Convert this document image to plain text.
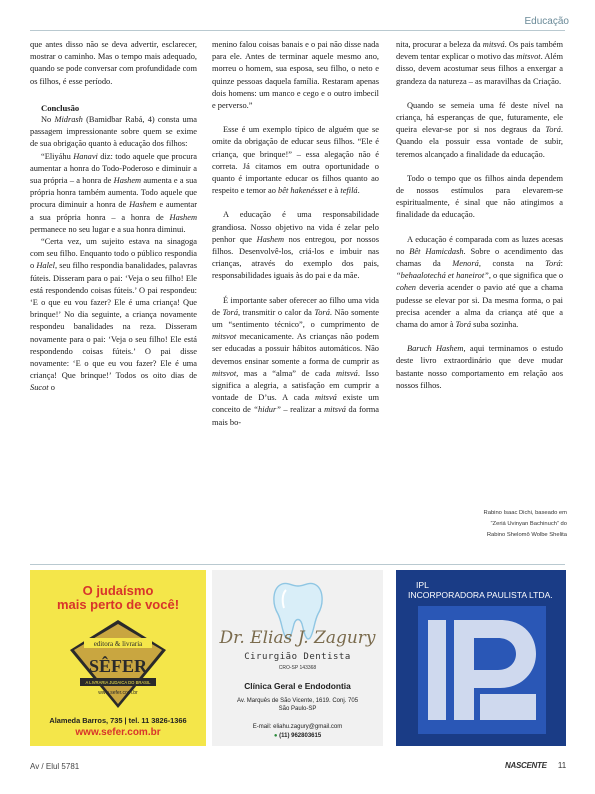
Educação

que antes disso não se deva advertir, esclarecer, mostrar o caminho. Mas o tempo mais adequado, quando se pode conversar com profundidade com os filhos, é esse período.

Conclusão

No Midrash (Bamidbar Rabá, 4) consta uma passagem impressionante sobre quem se exime de sua obrigação quanto à educação dos filhos:

“Eliyáhu Hanavi diz: todo aquele que procura aumentar a honra do Todo-Poderoso e diminuir a sua própria – a honra de Hashem aumenta e a sua própria honra também aumenta. Todo aquele que procura diminuir a honra de Hashem e aumentar a sua própria honra – a honra de Hashem permanece no seu lugar e a sua honra diminui.

“Certa vez, um sujeito estava na sinagoga com seu filho. Enquanto todo o público respondia o Halel, seu filho respondia banalidades, palavras fúteis. Disseram para o pai: ‘Veja o seu filho! Ele está respondendo coisas fúteis.’ O pai respondeu: ‘E o que eu vou fazer? Ele é uma criança! Que brinque!’ No dia seguinte, a criança novamente respondeu banalidades na reza. Disseram novamente para o pai: ‘Veja o seu filho! Ele está respondendo coisas fúteis.’ O pai disse novamente: ‘E o que eu vou fazer? Ele é uma criança! Que brinque!’ Todos os oito dias de Sucot o

menino falou coisas banais e o pai não disse nada para ele. Antes de terminar aquele mesmo ano, morreu o homem, sua esposa, seu filho, o neto e quinze pessoas daquela família. Restaram apenas dois homens: um manco e cego e o outro imbecil e perverso.”

Esse é um exemplo típico de alguém que se omite da obrigação de educar seus filhos. “Ele é criança, que brinque!” – essa alegação não é correta. Já citamos em outra oportunidade o quanto é importante educar os filhos quanto ao respeito e temor ao bêt hakenésset e à tefilá.

A educação é uma responsabilidade grandiosa. Nosso objetivo na vida é zelar pelo penhor que Hashem nos entregou, por nossos filhos. Desenvolvê-los, criá-los e imbuir nas crianças, através do exemplo dos pais, responsabilidades iguais às do pai e da mãe.

É importante saber oferecer ao filho uma vida de Torá, transmitir o calor da Torá. Não somente um “sentimento técnico”, o cumprimento de mitsvot mecanicamente. As crianças não podem ser educadas a possuir hábitos automáticos. Não devemos ensinar somente a forma de cumprir as mitsvot, mas a “alma” de cada mitsvá. Isso significa a alegria, a satisfação em cumprir a vontade de D’us. A cada mitsvá existe um conceito de “hidur” – realizar a mitsvá da forma mais bo-

nita, procurar a beleza da mitsvá. Os pais também devem tentar explicar o motivo das mitsvot. Além disso, devem acostumar seus filhos a enxergar a grandeza da natureza – as maravilhas da Criação.

Quando se semeia uma fé deste nível na criança, há esperanças de que, futuramente, ele queira elevar-se por si nos degraus da Torá. Quando ela possuir essa vontade de subir, teremos alcançado a finalidade da educação.

Todo o tempo que os filhos ainda dependem de nossos estímulos para elevarem-se espiritualmente, é sinal que não atingimos a finalidade da educação.

A educação é comparada com as luzes acesas no Bêt Hamicdash. Sobre o acendimento das chamas da Menorá, consta na Torá: “behaalotechá et haneirot”, o que significa que o cohen deveria acender o pavio até que a chama pudesse se elevar por si. Da mesma forma, o pai precisa acender a alma da criança até que a chama do amor à Torá suba sozinha.

Baruch Hashem, aqui terminamos o estudo deste livro extraordinário que deve mudar bastante nosso comportamento em relação aos nossos filhos.

Rabino Isaac Dichi, baseado em
“Zeriá Uvinyan Bachinuch” do
Rabino Shelomô Wolbe Shelita
O judaísmo
mais perto de você!
editora & livraria
SÊFER
A LIVRARIA JUDAICA DO BRASIL
www.sefer.com.br
Alameda Barros, 735 | tel. 11 3826-1366
www.sefer.com.br
Dr. Elias J. Zagury
Cirurgião Dentista
CRO-SP 143368
Clínica Geral e Endodontia
Av. Marquês de São Vicente, 1619. Conj. 705
São Paulo-SP
E-mail: eliahu.zagury@gmail.com
● (11) 962803615
IPL
INCORPORADORA PAULISTA LTDA.
Av / Elul 5781	NASCENTE 11
